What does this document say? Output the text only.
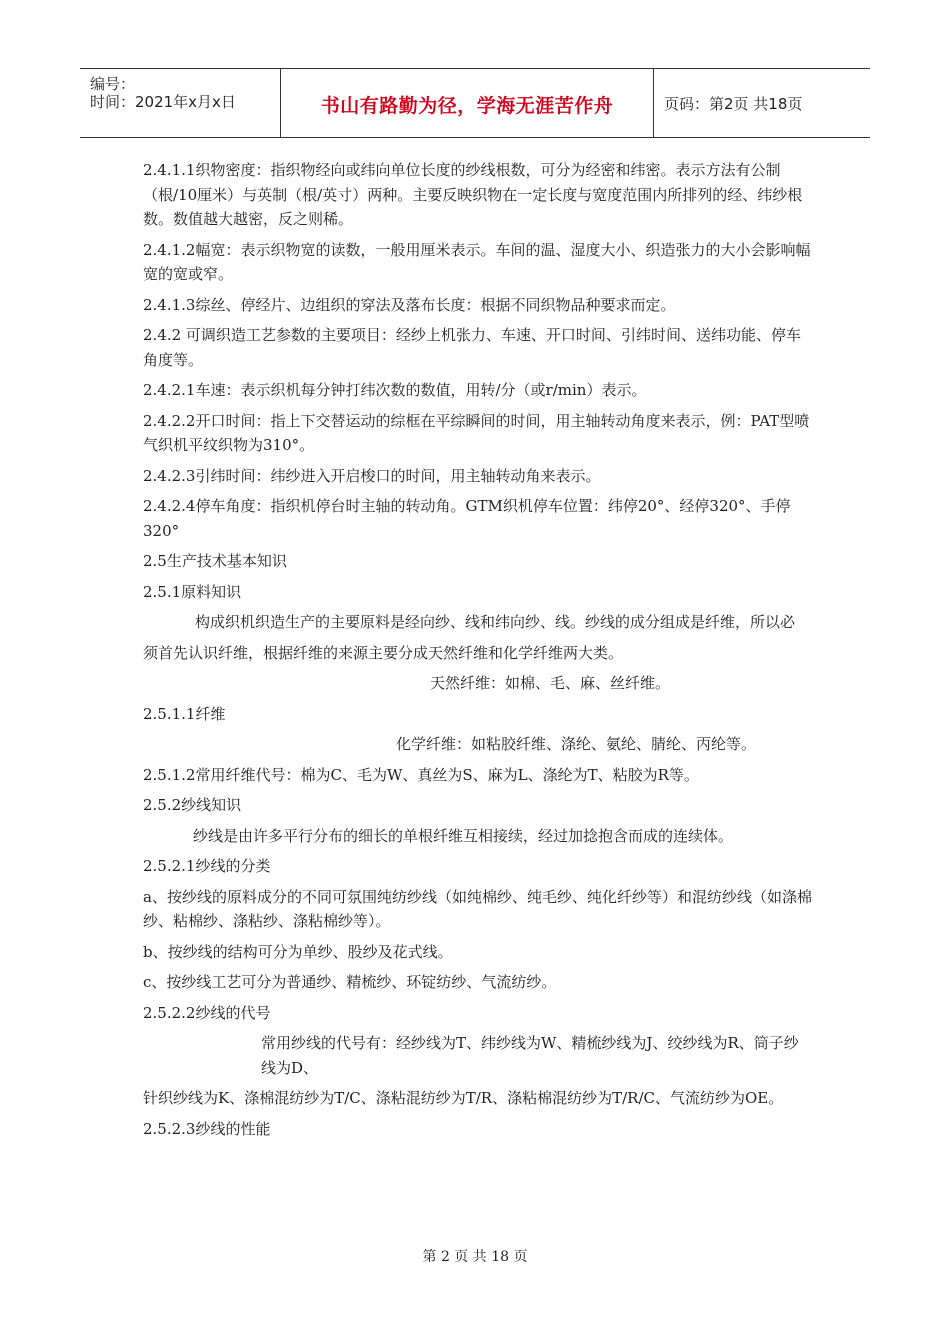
编号：
时间：2021年x月x日	书山有路勤为径，学海无涯苦作舟	页码：第2页 共18页

2.4.1.1织物密度：指织物经向或纬向单位长度的纱线根数，可分为经密和纬密。表示方法有公制（根/10厘米）与英制（根/英寸）两种。主要反映织物在一定长度与宽度范围内所排列的经、纬纱根数。数值越大越密，反之则稀。

2.4.1.2幅宽：表示织物宽的读数，一般用厘米表示。车间的温、湿度大小、织造张力的大小会影响幅宽的宽或窄。

2.4.1.3综丝、停经片、边组织的穿法及落布长度：根据不同织物品种要求而定。

2.4.2 可调织造工艺参数的主要项目：经纱上机张力、车速、开口时间、引纬时间、送纬功能、停车角度等。

2.4.2.1车速：表示织机每分钟打纬次数的数值，用转/分（或r/min）表示。

2.4.2.2开口时间：指上下交替运动的综框在平综瞬间的时间，用主轴转动角度来表示，例：PAT型喷气织机平纹织物为310°。

2.4.2.3引纬时间：纬纱进入开启梭口的时间，用主轴转动角来表示。

2.4.2.4停车角度：指织机停台时主轴的转动角。GTM织机停车位置：纬停20°、经停320°、手停320°

2.5生产技术基本知识

2.5.1原料知识

构成织机织造生产的主要原料是经向纱、线和纬向纱、线。纱线的成分组成是纤维，所以必

须首先认识纤维，根据纤维的来源主要分成天然纤维和化学纤维两大类。

天然纤维：如棉、毛、麻、丝纤维。

2.5.1.1纤维

化学纤维：如粘胶纤维、涤纶、氨纶、腈纶、丙纶等。

2.5.1.2常用纤维代号：棉为C、毛为W、真丝为S、麻为L、涤纶为T、粘胶为R等。

2.5.2纱线知识

纱线是由许多平行分布的细长的单根纤维互相接续，经过加捻抱含而成的连续体。

2.5.2.1纱线的分类

a、按纱线的原料成分的不同可氛围纯纺纱线（如纯棉纱、纯毛纱、纯化纤纱等）和混纺纱线（如涤棉纱、粘棉纱、涤粘纱、涤粘棉纱等）。

b、按纱线的结构可分为单纱、股纱及花式线。

c、按纱线工艺可分为普通纱、精梳纱、环锭纺纱、气流纺纱。

2.5.2.2纱线的代号

常用纱线的代号有：经纱线为T、纬纱线为W、精梳纱线为J、绞纱线为R、筒子纱线为D、

针织纱线为K、涤棉混纺纱为T/C、涤粘混纺纱为T/R、涤粘棉混纺纱为T/R/C、气流纺纱为OE。

2.5.2.3纱线的性能

第 2 页 共 18 页
